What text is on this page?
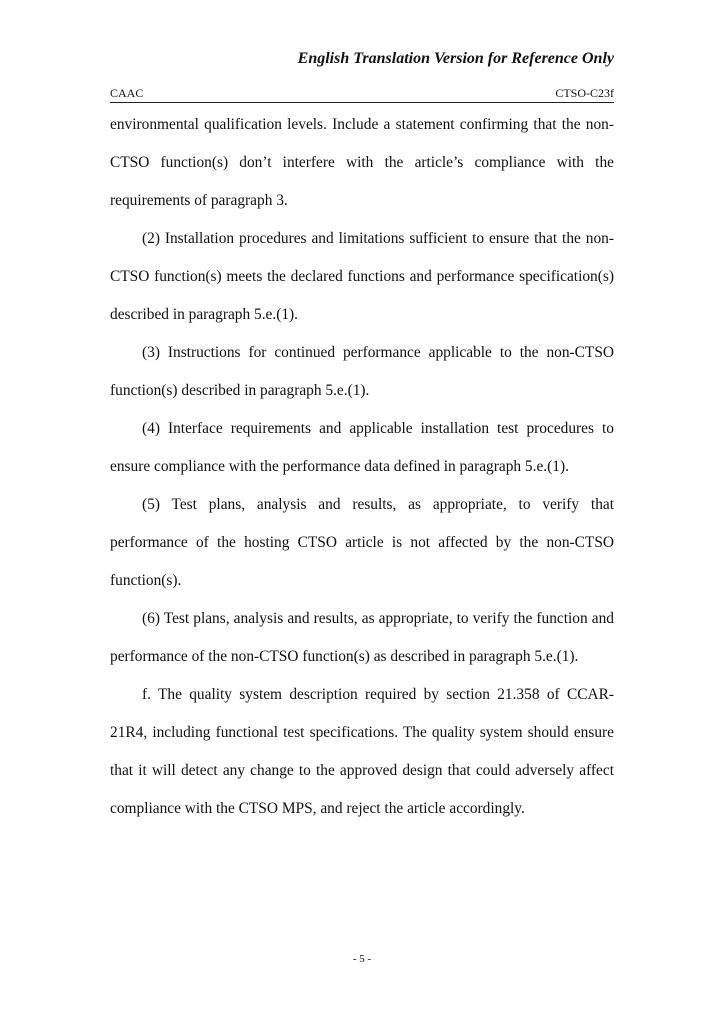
English Translation Version for Reference Only
CAAC	CTSO-C23f

environmental qualification levels. Include a statement confirming that the non-CTSO function(s) don’t interfere with the article’s compliance with the requirements of paragraph 3.

(2) Installation procedures and limitations sufficient to ensure that the non-CTSO function(s) meets the declared functions and performance specification(s) described in paragraph 5.e.(1).

(3) Instructions for continued performance applicable to the non-CTSO function(s) described in paragraph 5.e.(1).

(4) Interface requirements and applicable installation test procedures to ensure compliance with the performance data defined in paragraph 5.e.(1).

(5) Test plans, analysis and results, as appropriate, to verify that performance of the hosting CTSO article is not affected by the non-CTSO function(s).

(6) Test plans, analysis and results, as appropriate, to verify the function and performance of the non-CTSO function(s) as described in paragraph 5.e.(1).

f. The quality system description required by section 21.358 of CCAR-21R4, including functional test specifications. The quality system should ensure that it will detect any change to the approved design that could adversely affect compliance with the CTSO MPS, and reject the article accordingly.

- 5 -
